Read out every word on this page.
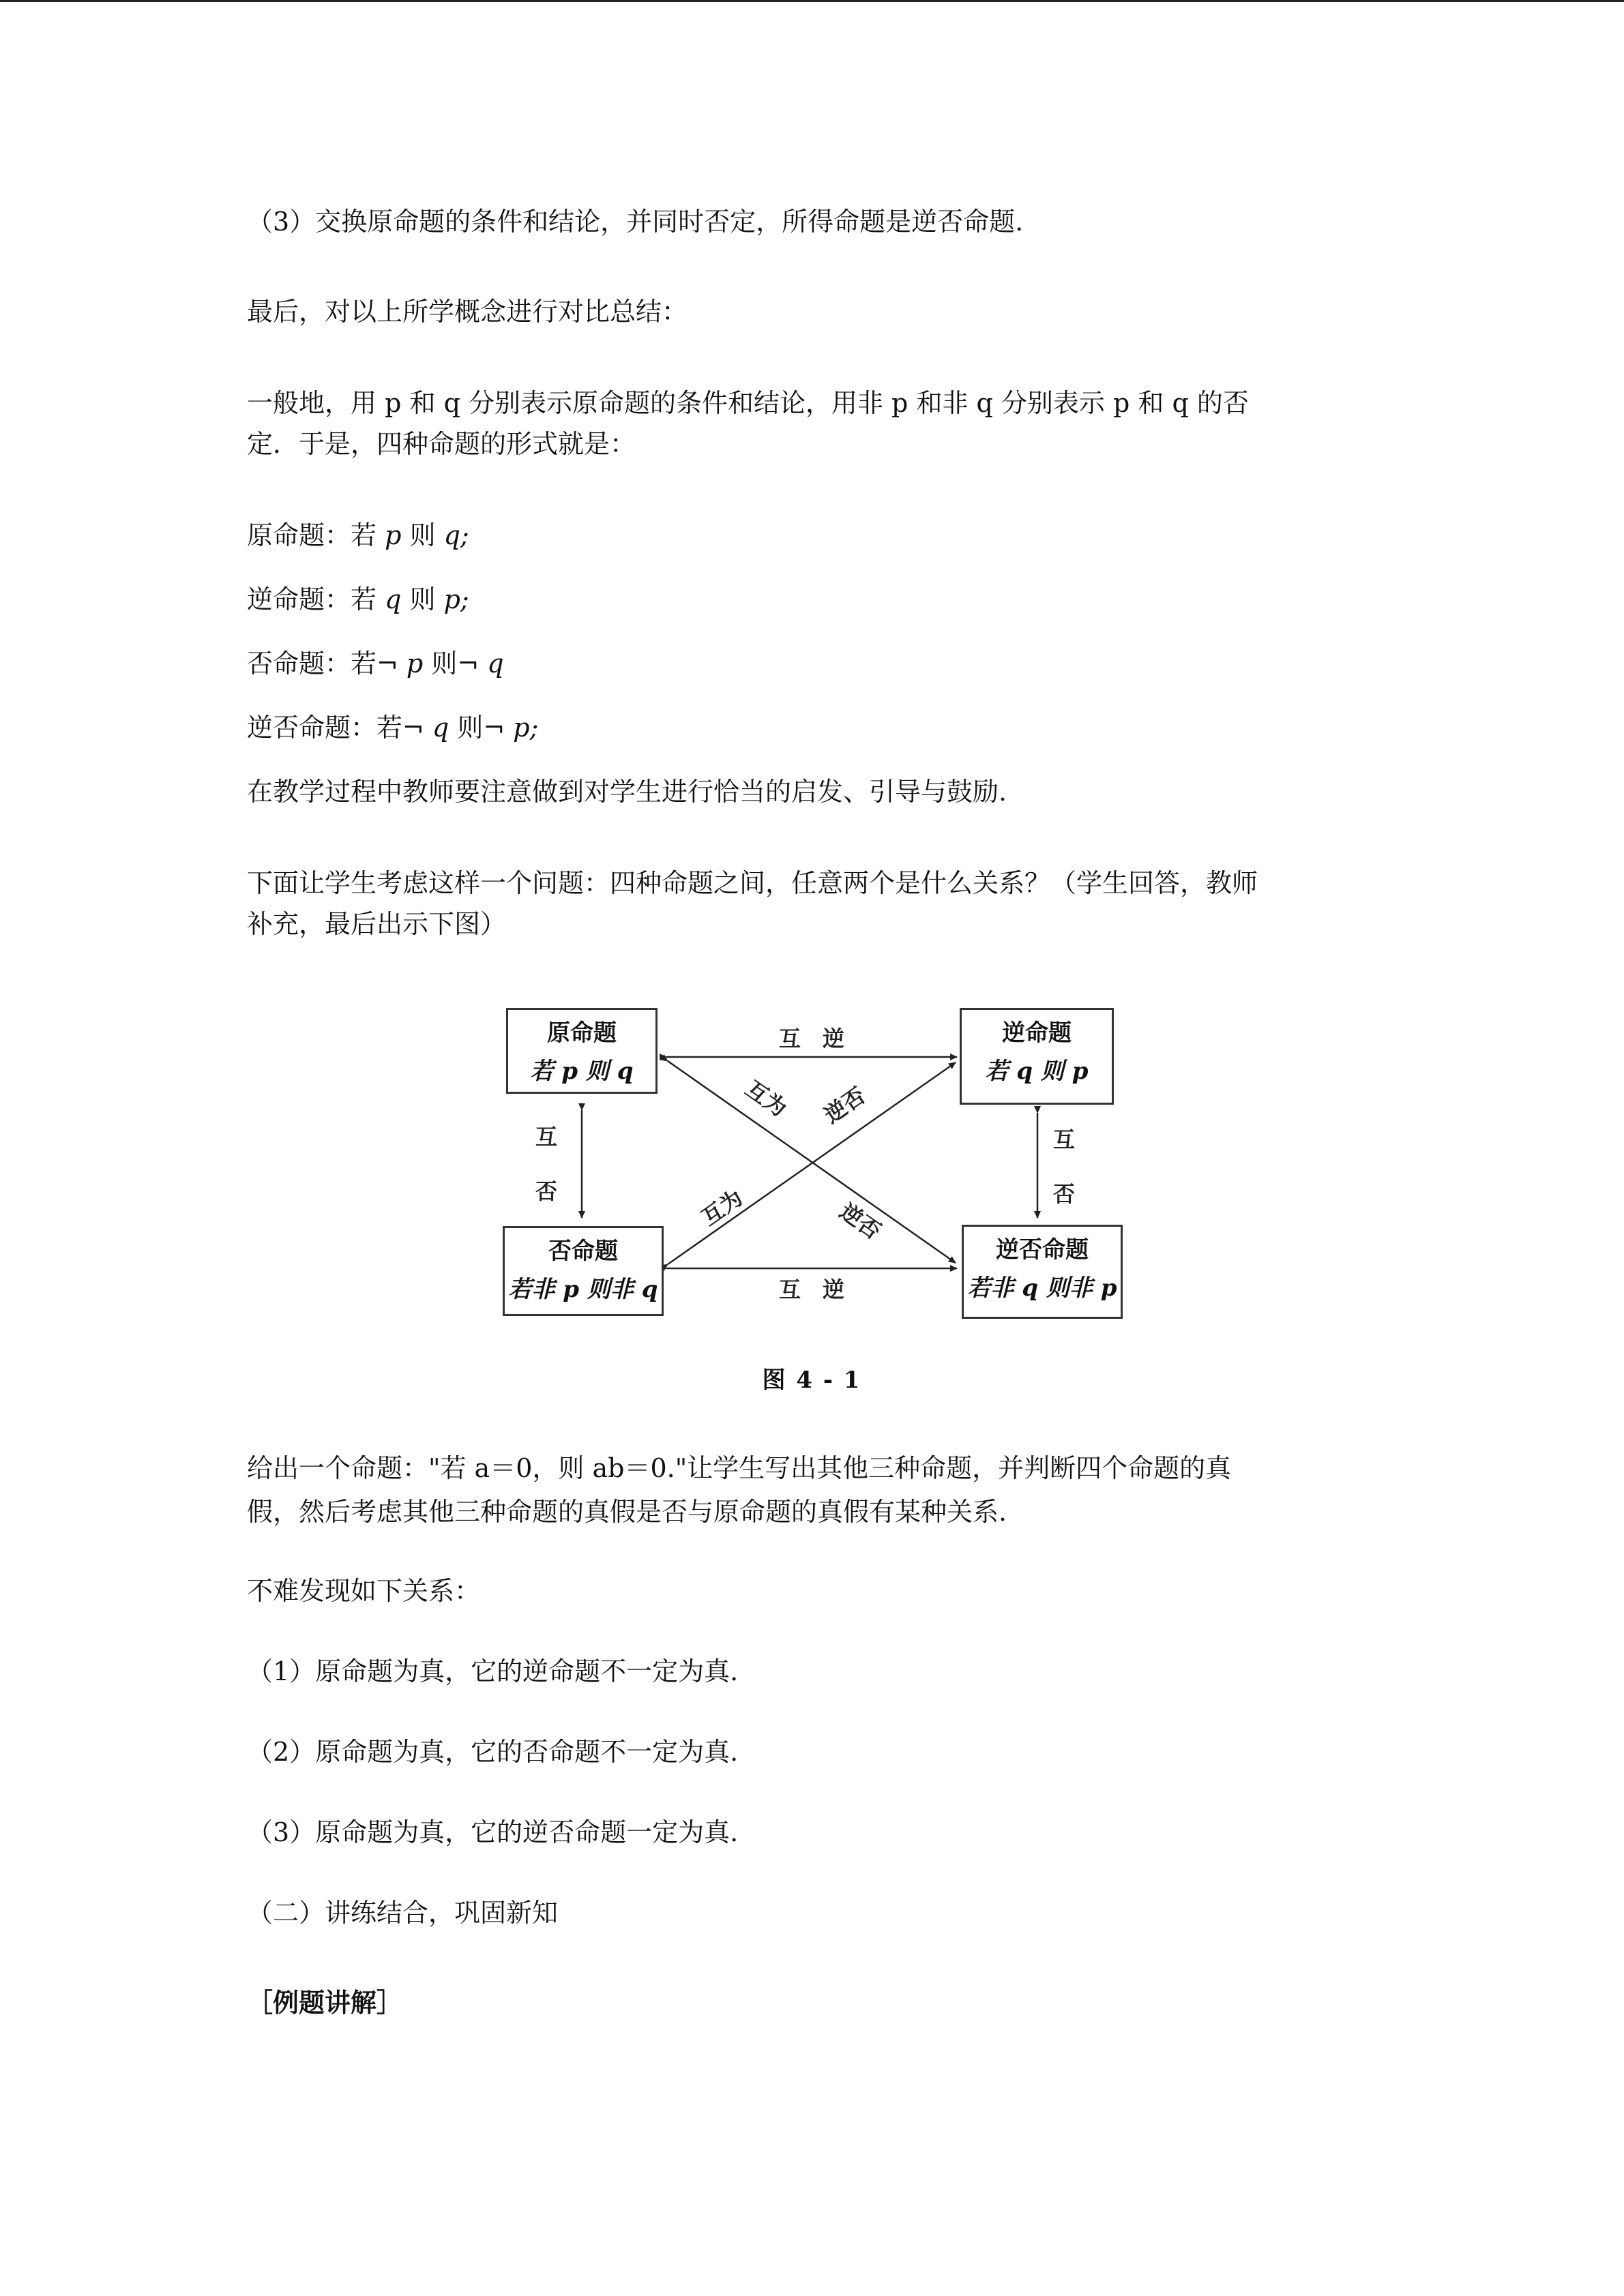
（3）交换原命题的条件和结论，并同时否定，所得命题是逆否命题.

最后，对以上所学概念进行对比总结：

一般地，用 p 和 q 分别表示原命题的条件和结论，用非 p 和非 q 分别表示 p 和 q 的否

定．于是，四种命题的形式就是：

原命题：若 p 则 q;

逆命题：若 q 则 p;

否命题：若¬ p 则¬ q

逆否命题：若¬ q 则¬ p;

在教学过程中教师要注意做到对学生进行恰当的启发、引导与鼓励.

下面让学生考虑这样一个问题：四种命题之间，任意两个是什么关系？（学生回答，教师

补充，最后出示下图）

互　逆
互　逆
互
否
互
否
互为
逆否
互为
逆否
原命题
若 p 则 q
逆命题
若 q 则 p
否命题
若非 p 则非 q
逆否命题
若非 q 则非 p
图 4 - 1

给出一个命题："若 a＝0，则 ab＝0."让学生写出其他三种命题，并判断四个命题的真

假，然后考虑其他三种命题的真假是否与原命题的真假有某种关系.

不难发现如下关系：

（1）原命题为真，它的逆命题不一定为真.

（2）原命题为真，它的否命题不一定为真.

（3）原命题为真，它的逆否命题一定为真.

（二）讲练结合，巩固新知

［例题讲解］
